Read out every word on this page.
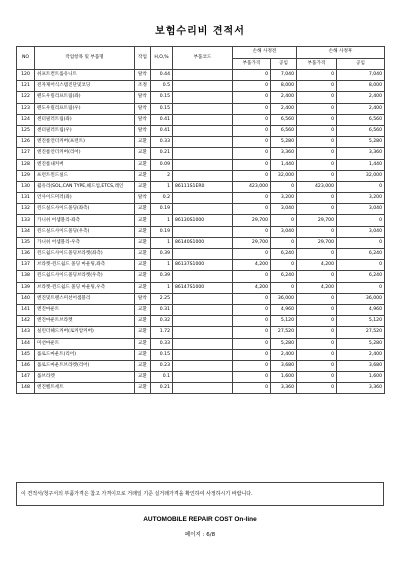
보험수리비 견적서
NO	작업항목 및 부품명	작업	H,O,%	부품코드	손해 사정전		손해 사정후	
					부품가격	공임	부품가격	공임
120	쉬프트컨트롤유니트	탈착	0.44		0	7,040	0	7,040
121	전자제어식스템진단및코딩	조정	0.5		0	8,000	0	8,000
122	펜도우릴리프트림(좌)	탈착	0.15		0	2,400	0	2,400
123	펜도우릴리프트림(우)	탈착	0.15		0	2,400	0	2,400
124	센터필러트림(좌)	탈착	0.41		0	6,560	0	6,560
125	센터필러트림(우)	탈착	0.41		0	6,560	0	6,560
126	엔진룸언더커버(프런트)	교환	0.33		0	5,280	0	5,280
127	엔진룸언더커버(리어)	교환	0.21		0	3,360	0	3,360
128	엔진룸내커버	교환	0.09		0	1,440	0	1,440
129	프런트윈드실드	교환	2		0	32,000	0	32,000
130	윌유리(SOL,CAN TYPE,헤드업,ETCS,레인	교환	1	86111S1ER0	423,000	0	423,000	0
131	언사이드미러(좌)	탈착	0.2		0	3,200	0	3,200
132	윈드실드사이드몰딩(좌측)	교환	0.19		0	3,040	0	3,040
133	가니쉬 어셈블리-좌측	교환	1	86130S1000	29,700	0	29,700	0
134	윈드실드사이드몰딩(우측)	교환	0.19		0	3,040	0	3,040
135	가니쉬 어셈블리-우측	교환	1	86140S1000	29,700	0	29,700	0
136	윈드쉴드사이드몰딩브라켓(좌측)	교환	0.39		0	6,240	0	6,240
137	브라켓-윈드쉴드 몰딩 마운팅,좌측	교환	1	86137S1000	4,200	0	4,200	0
138	윈드쉴드사이드몰딩브라켓(우측)	교환	0.39		0	6,240	0	6,240
139	브라켓-윈드쉴드 몰딩 마운팅,우측	교환	1	86147S1000	4,200	0	4,200	0
140	엔진및트랜스미션어셈블리	탈착	2.25		0	36,000	0	36,000
141	엔진마운트	교환	0.31		0	4,960	0	4,960
142	엔진마운트브라켓	교환	0.32		0	5,120	0	5,120
143	실린더헤드커버(로커암커버)	교환	1.72		0	27,520	0	27,520
144	미션마운트	교환	0.33		0	5,280	0	5,280
145	롤로드마운트(리어)	교환	0.15		0	2,400	0	2,400
146	롤로드마운트브라켓(리어)	교환	0.23		0	3,680	0	3,680
147	롤브라켓	교환	0.1		0	1,600	0	1,600
148	엔진벨트세트	교환	0.21		0	3,360	0	3,360
이 견적서/청구서의 부품가격은 참고 가격이므로 거래일 기준 실거래가격을 확인하여 사정하시기 바랍니다.
AUTOMOBILE REPAIR COST On-line
페이지 : 6/8
